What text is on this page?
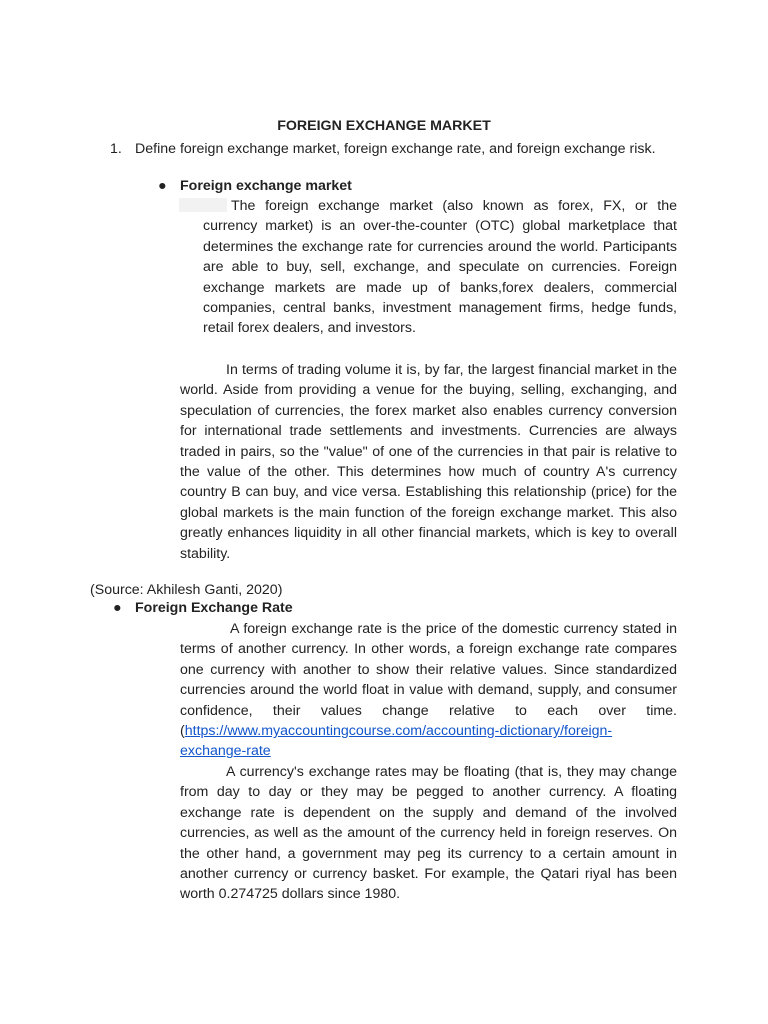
FOREIGN EXCHANGE MARKET
1. Define foreign exchange market, foreign exchange rate, and foreign exchange risk.
● Foreign exchange market
The foreign exchange market (also known as forex, FX, or the currency market) is an over-the-counter (OTC) global marketplace that determines the exchange rate for currencies around the world. Participants are able to buy, sell, exchange, and speculate on currencies. Foreign exchange markets are made up of banks,forex dealers, commercial companies, central banks, investment management firms, hedge funds, retail forex dealers, and investors.
In terms of trading volume it is, by far, the largest financial market in the world. Aside from providing a venue for the buying, selling, exchanging, and speculation of currencies, the forex market also enables currency conversion for international trade settlements and investments. Currencies are always traded in pairs, so the "value" of one of the currencies in that pair is relative to the value of the other. This determines how much of country A's currency country B can buy, and vice versa. Establishing this relationship (price) for the global markets is the main function of the foreign exchange market. This also greatly enhances liquidity in all other financial markets, which is key to overall stability.
(Source: Akhilesh Ganti, 2020)
● Foreign Exchange Rate
A foreign exchange rate is the price of the domestic currency stated in terms of another currency. In other words, a foreign exchange rate compares one currency with another to show their relative values. Since standardized currencies around the world float in value with demand, supply, and consumer confidence, their values change relative to each over time. (https://www.myaccountingcourse.com/accounting-dictionary/foreign-exchange-rate
A currency's exchange rates may be floating (that is, they may change from day to day or they may be pegged to another currency. A floating exchange rate is dependent on the supply and demand of the involved currencies, as well as the amount of the currency held in foreign reserves. On the other hand, a government may peg its currency to a certain amount in another currency or currency basket. For example, the Qatari riyal has been worth 0.274725 dollars since 1980.
